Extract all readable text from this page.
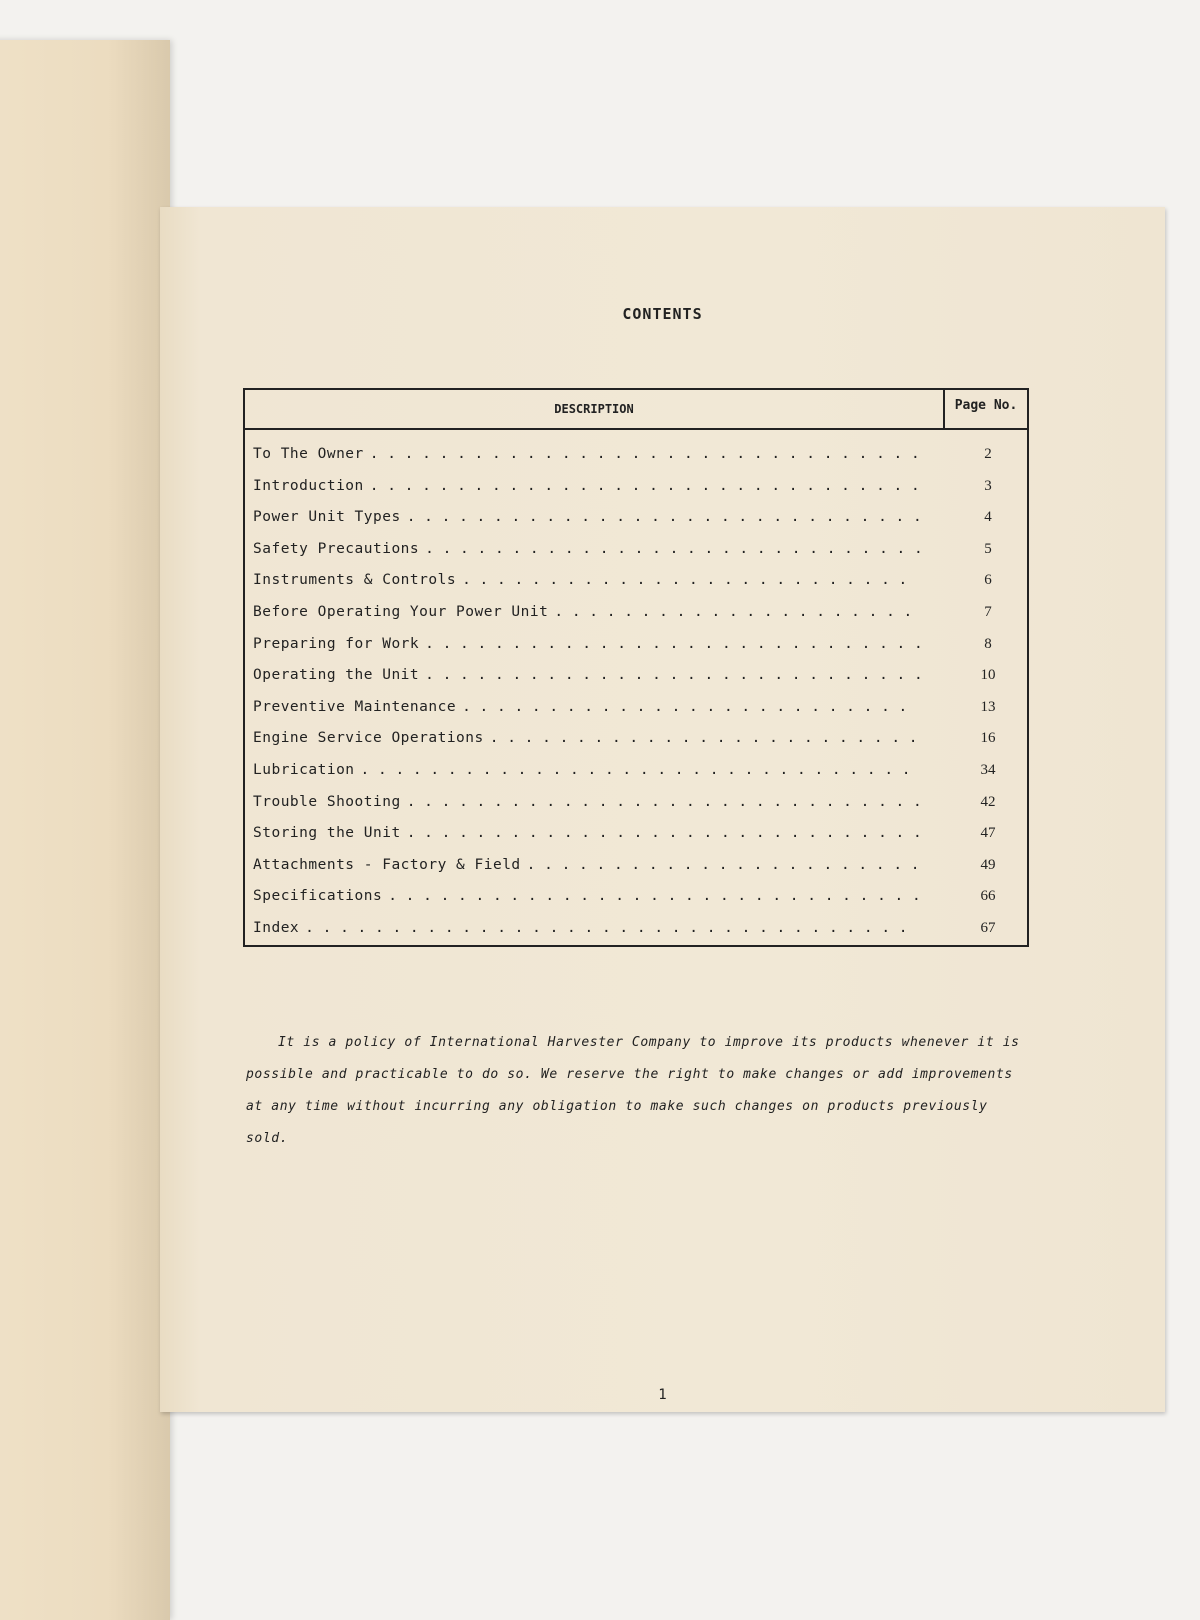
CONTENTS
DESCRIPTION	Page No.
To The Owner . . . . . . . . . . . . . . . . . . . . . . . . . . . . . . . .	2
Introduction . . . . . . . . . . . . . . . . . . . . . . . . . . . . . . . .	3
Power Unit Types . . . . . . . . . . . . . . . . . . . . . . . . . . . . . .	4
Safety Precautions . . . . . . . . . . . . . . . . . . . . . . . . . . . . .	5
Instruments & Controls . . . . . . . . . . . . . . . . . . . . . . . . . .	6
Before Operating Your Power Unit . . . . . . . . . . . . . . . . . . . . .	7
Preparing for Work . . . . . . . . . . . . . . . . . . . . . . . . . . . . .	8
Operating the Unit . . . . . . . . . . . . . . . . . . . . . . . . . . . . .	10
Preventive Maintenance . . . . . . . . . . . . . . . . . . . . . . . . . .	13
Engine Service Operations . . . . . . . . . . . . . . . . . . . . . . . . .	16
Lubrication . . . . . . . . . . . . . . . . . . . . . . . . . . . . . . . .	34
Trouble Shooting . . . . . . . . . . . . . . . . . . . . . . . . . . . . . .	42
Storing the Unit . . . . . . . . . . . . . . . . . . . . . . . . . . . . . .	47
Attachments - Factory & Field . . . . . . . . . . . . . . . . . . . . . . .	49
Specifications . . . . . . . . . . . . . . . . . . . . . . . . . . . . . . .	66
Index . . . . . . . . . . . . . . . . . . . . . . . . . . . . . . . . . . .	67

It is a policy of International Harvester Company to improve its products whenever it is possible and practicable to do so. We reserve the right to make changes or add improvements at any time without incurring any obligation to make such changes on products previously sold.

1
